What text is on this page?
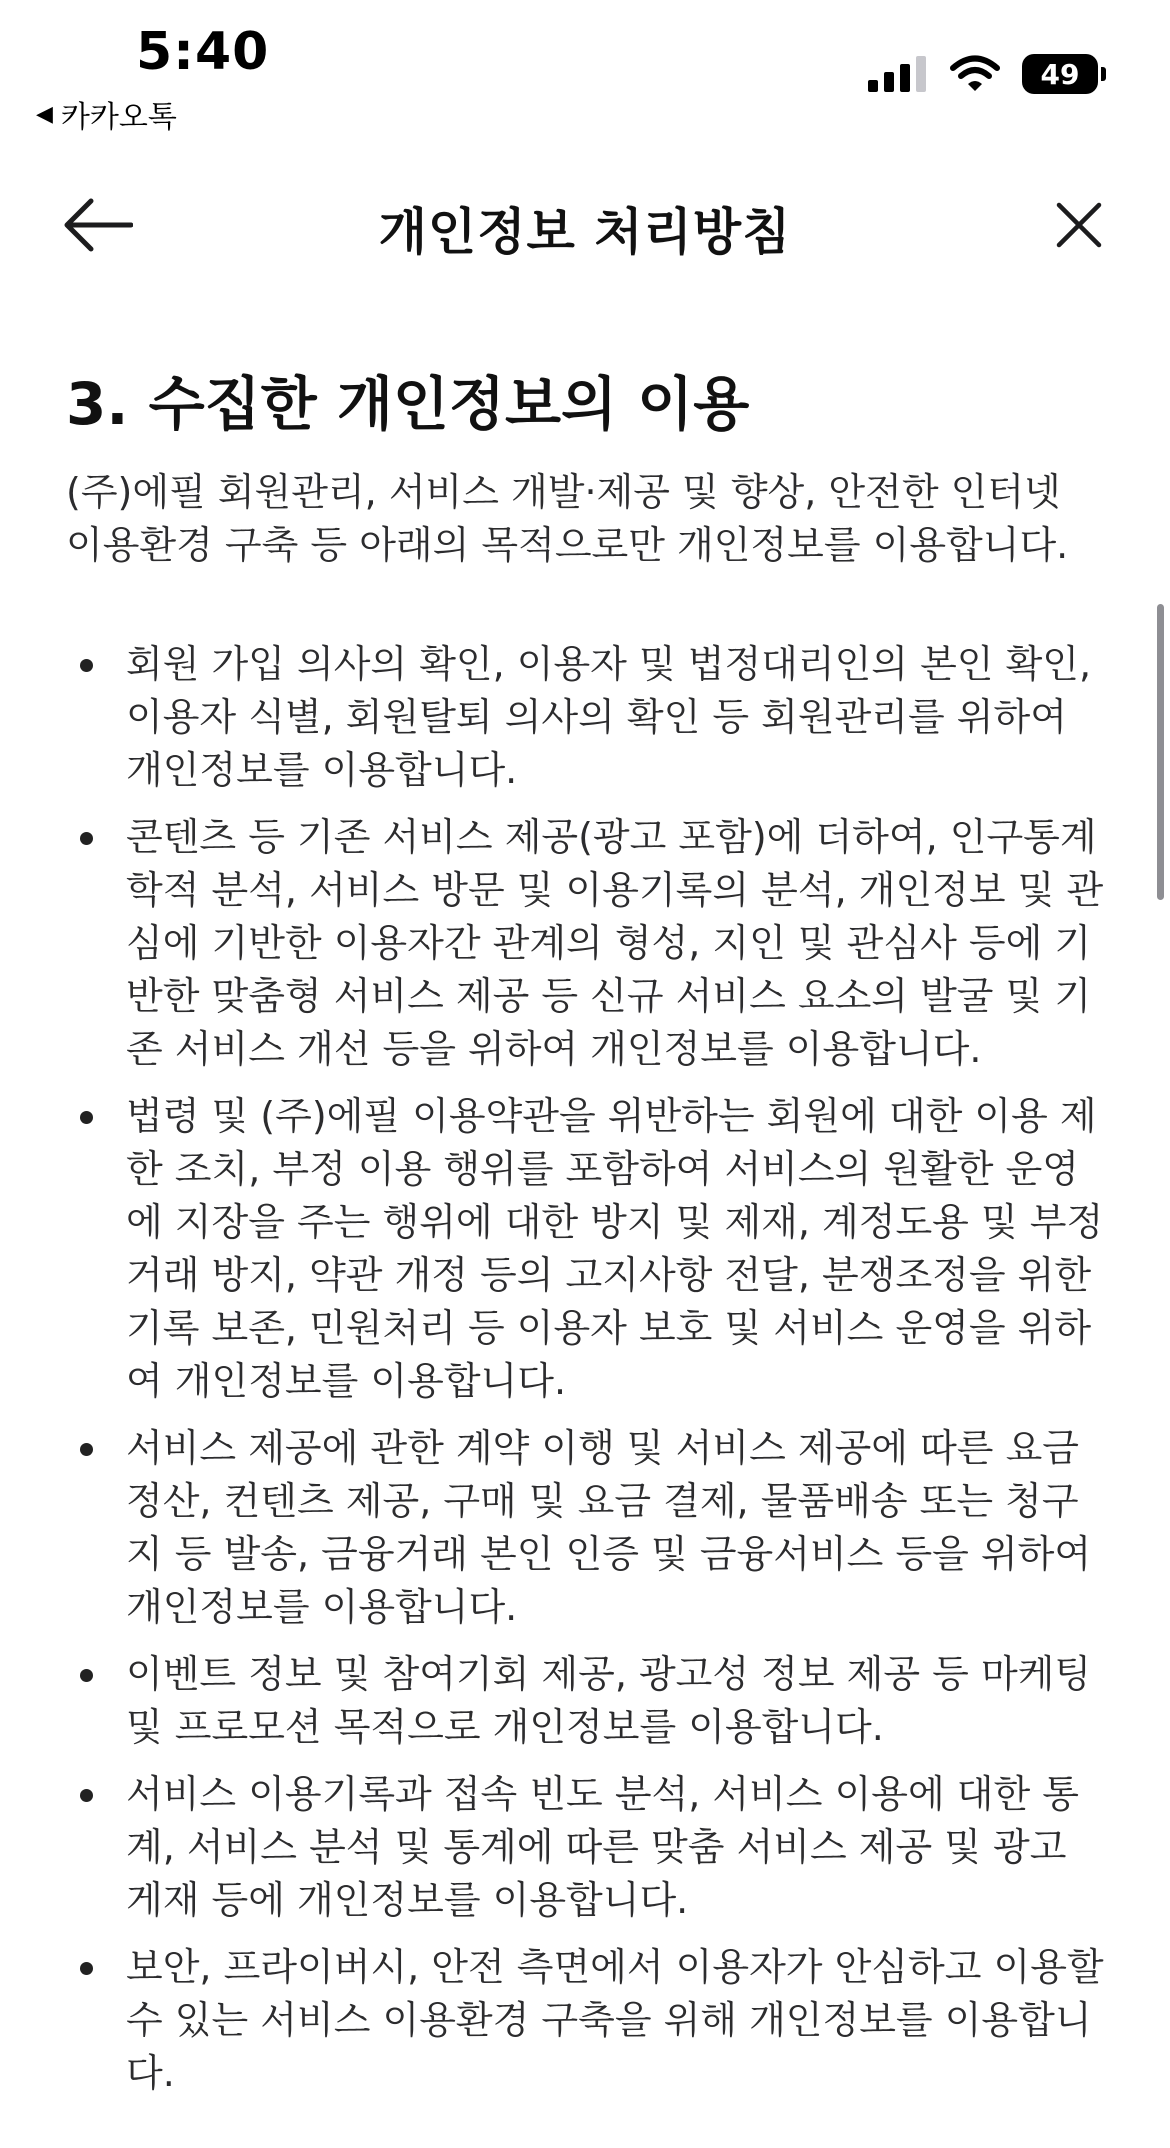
5:40
◀ 카카오톡
49
개인정보 처리방침
3. 수집한 개인정보의 이용

(주)에필 회원관리, 서비스 개발·제공 및 향상, 안전한 인터넷 이용환경 구축 등 아래의 목적으로만 개인정보를 이용합니다.

회원 가입 의사의 확인, 이용자 및 법정대리인의 본인 확인, 이용자 식별, 회원탈퇴 의사의 확인 등 회원관리를 위하여 개인정보를 이용합니다.
콘텐츠 등 기존 서비스 제공(광고 포함)에 더하여, 인구통계학적 분석, 서비스 방문 및 이용기록의 분석, 개인정보 및 관심에 기반한 이용자간 관계의 형성, 지인 및 관심사 등에 기반한 맞춤형 서비스 제공 등 신규 서비스 요소의 발굴 및 기존 서비스 개선 등을 위하여 개인정보를 이용합니다.
법령 및 (주)에필 이용약관을 위반하는 회원에 대한 이용 제한 조치, 부정 이용 행위를 포함하여 서비스의 원활한 운영에 지장을 주는 행위에 대한 방지 및 제재, 계정도용 및 부정거래 방지, 약관 개정 등의 고지사항 전달, 분쟁조정을 위한 기록 보존, 민원처리 등 이용자 보호 및 서비스 운영을 위하여 개인정보를 이용합니다.
서비스 제공에 관한 계약 이행 및 서비스 제공에 따른 요금정산, 컨텐츠 제공, 구매 및 요금 결제, 물품배송 또는 청구지 등 발송, 금융거래 본인 인증 및 금융서비스 등을 위하여 개인정보를 이용합니다.
이벤트 정보 및 참여기회 제공, 광고성 정보 제공 등 마케팅 및 프로모션 목적으로 개인정보를 이용합니다.
서비스 이용기록과 접속 빈도 분석, 서비스 이용에 대한 통계, 서비스 분석 및 통계에 따른 맞춤 서비스 제공 및 광고 게재 등에 개인정보를 이용합니다.
보안, 프라이버시, 안전 측면에서 이용자가 안심하고 이용할 수 있는 서비스 이용환경 구축을 위해 개인정보를 이용합니다.
